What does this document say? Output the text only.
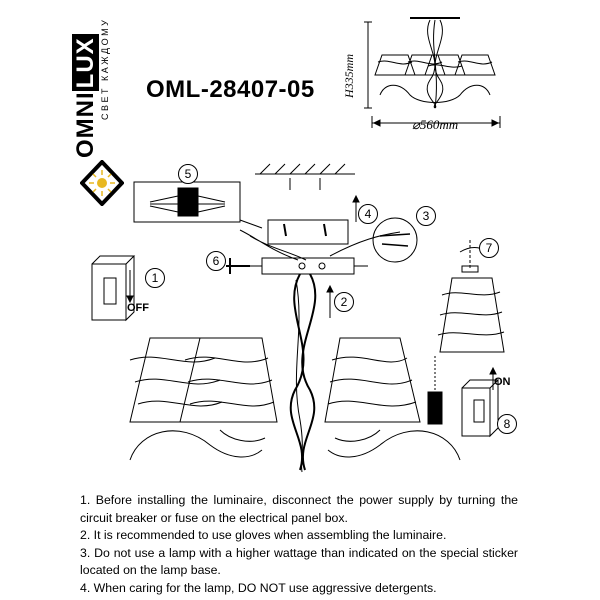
OMNILUX СВЕТ КАЖДОМУ OML-28407-05 H335mm
⌀560mm
1
2
3
4
5
6
7
8
OFF
ON

1. Before installing the luminaire, disconnect the power supply by turning the circuit breaker or fuse on the electrical panel box.

2. It is recommended to use gloves when assembling the luminaire.

3. Do not use a lamp with a higher wattage than indicated on the special sticker located on the lamp base.

4. When caring for the lamp, DO NOT use aggressive detergents.
